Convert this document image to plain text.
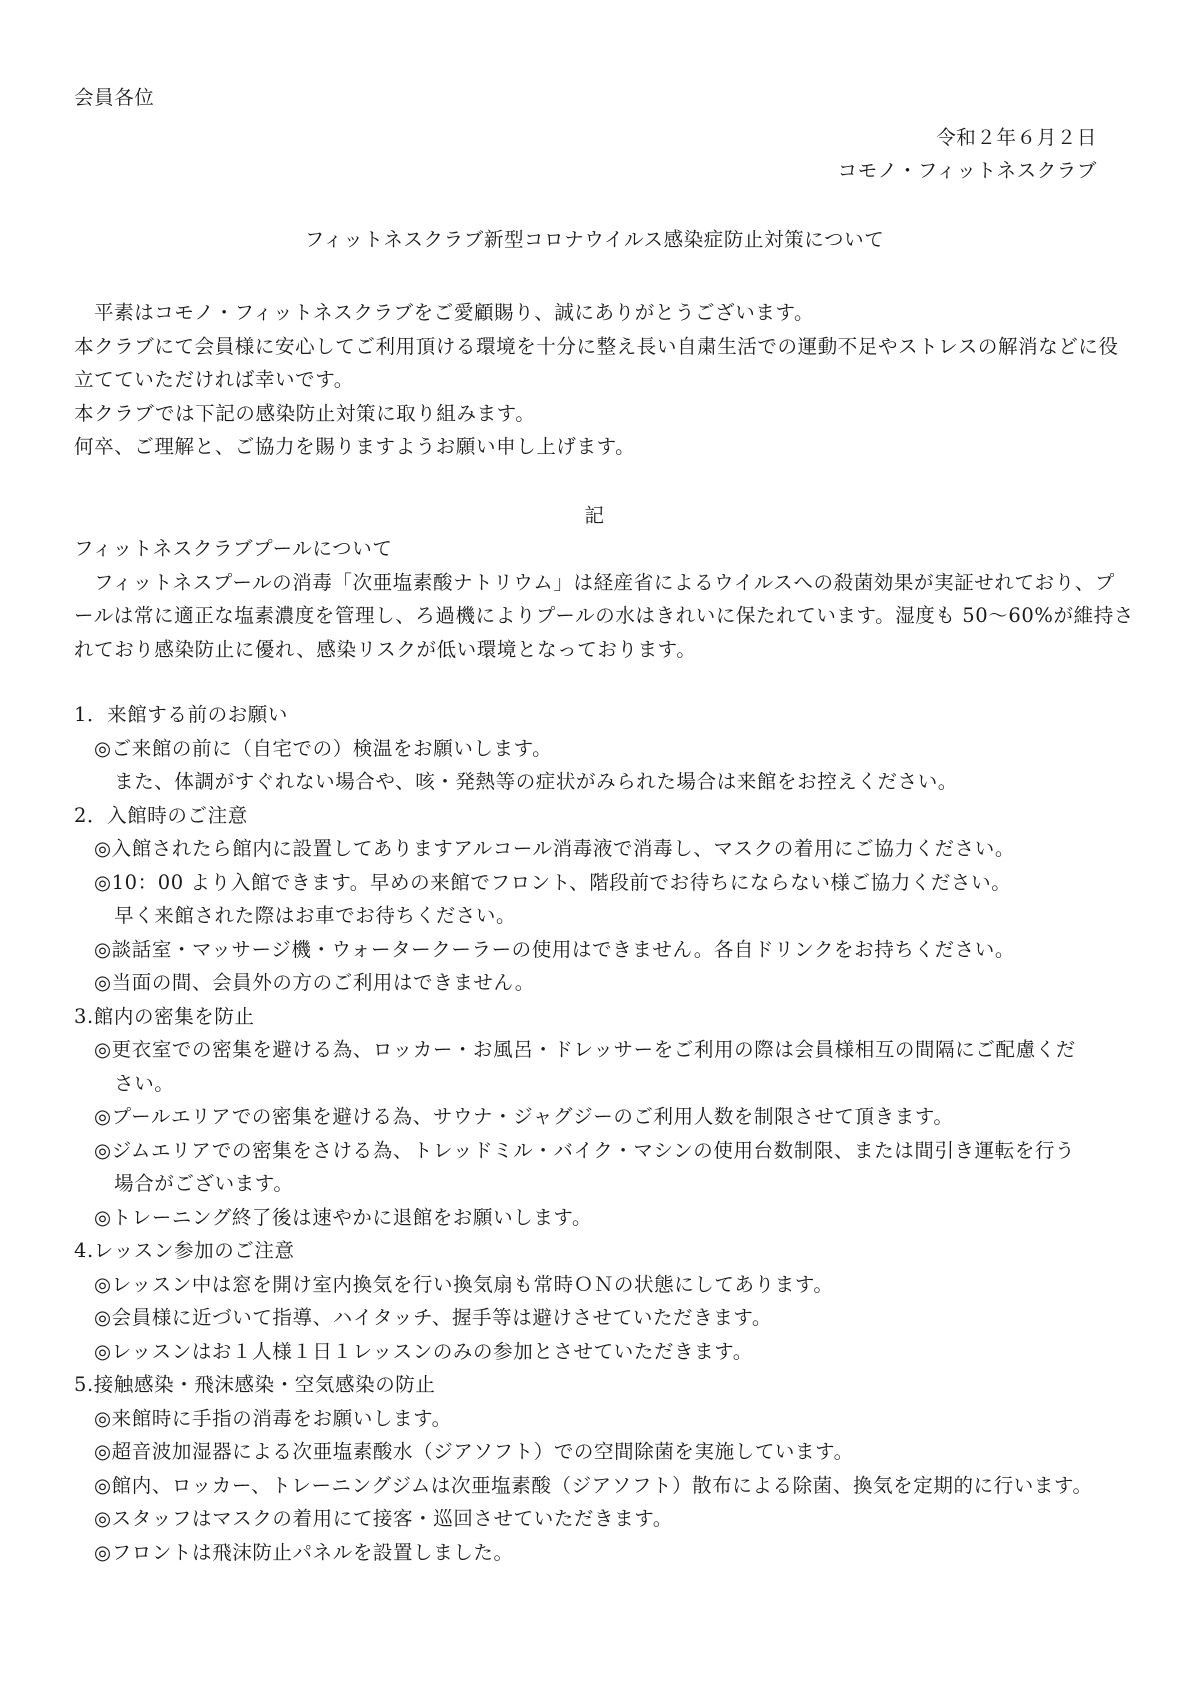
会員各位
令和２年６月２日
コモノ・フィットネスクラブ
フィットネスクラブ新型コロナウイルス感染症防止対策について

平素はコモノ・フィットネスクラブをご愛顧賜り、誠にありがとうございます。

本クラブにて会員様に安心してご利用頂ける環境を十分に整え長い自粛生活での運動不足やストレスの解消などに役

立てていただければ幸いです。

本クラブでは下記の感染防止対策に取り組みます。

何卒、ご理解と、ご協力を賜りますようお願い申し上げます。

記

フィットネスクラブプールについて

フィットネスプールの消毒「次亜塩素酸ナトリウム」は経産省によるウイルスへの殺菌効果が実証せれており、プ

ールは常に適正な塩素濃度を管理し、ろ過機によりプールの水はきれいに保たれています。湿度も 50〜60%が維持さ

れており感染防止に優れ、感染リスクが低い環境となっております。

1．来館する前のお願い

◎ご来館の前に（自宅での）検温をお願いします。

　また、体調がすぐれない場合や、咳・発熱等の症状がみられた場合は来館をお控えください。

2．入館時のご注意

◎入館されたら館内に設置してありますアルコール消毒液で消毒し、マスクの着用にご協力ください。

◎10：00 より入館できます。早めの来館でフロント、階段前でお待ちにならない様ご協力ください。

　早く来館された際はお車でお待ちください。

◎談話室・マッサージ機・ウォータークーラーの使用はできません。各自ドリンクをお持ちください。

◎当面の間、会員外の方のご利用はできません。

3.館内の密集を防止

◎更衣室での密集を避ける為、ロッカー・お風呂・ドレッサーをご利用の際は会員様相互の間隔にご配慮くだ

　さい。

◎プールエリアでの密集を避ける為、サウナ・ジャグジーのご利用人数を制限させて頂きます。

◎ジムエリアでの密集をさける為、トレッドミル・バイク・マシンの使用台数制限、または間引き運転を行う

　場合がございます。

◎トレーニング終了後は速やかに退館をお願いします。

4.レッスン参加のご注意

◎レッスン中は窓を開け室内換気を行い換気扇も常時ＯＮの状態にしてあります。

◎会員様に近づいて指導、ハイタッチ、握手等は避けさせていただきます。

◎レッスンはお１人様１日１レッスンのみの参加とさせていただきます。

5.接触感染・飛沫感染・空気感染の防止

◎来館時に手指の消毒をお願いします。

◎超音波加湿器による次亜塩素酸水（ジアソフト）での空間除菌を実施しています。

◎館内、ロッカー、トレーニングジムは次亜塩素酸（ジアソフト）散布による除菌、換気を定期的に行います。

◎スタッフはマスクの着用にて接客・巡回させていただきます。

◎フロントは飛沫防止パネルを設置しました。
